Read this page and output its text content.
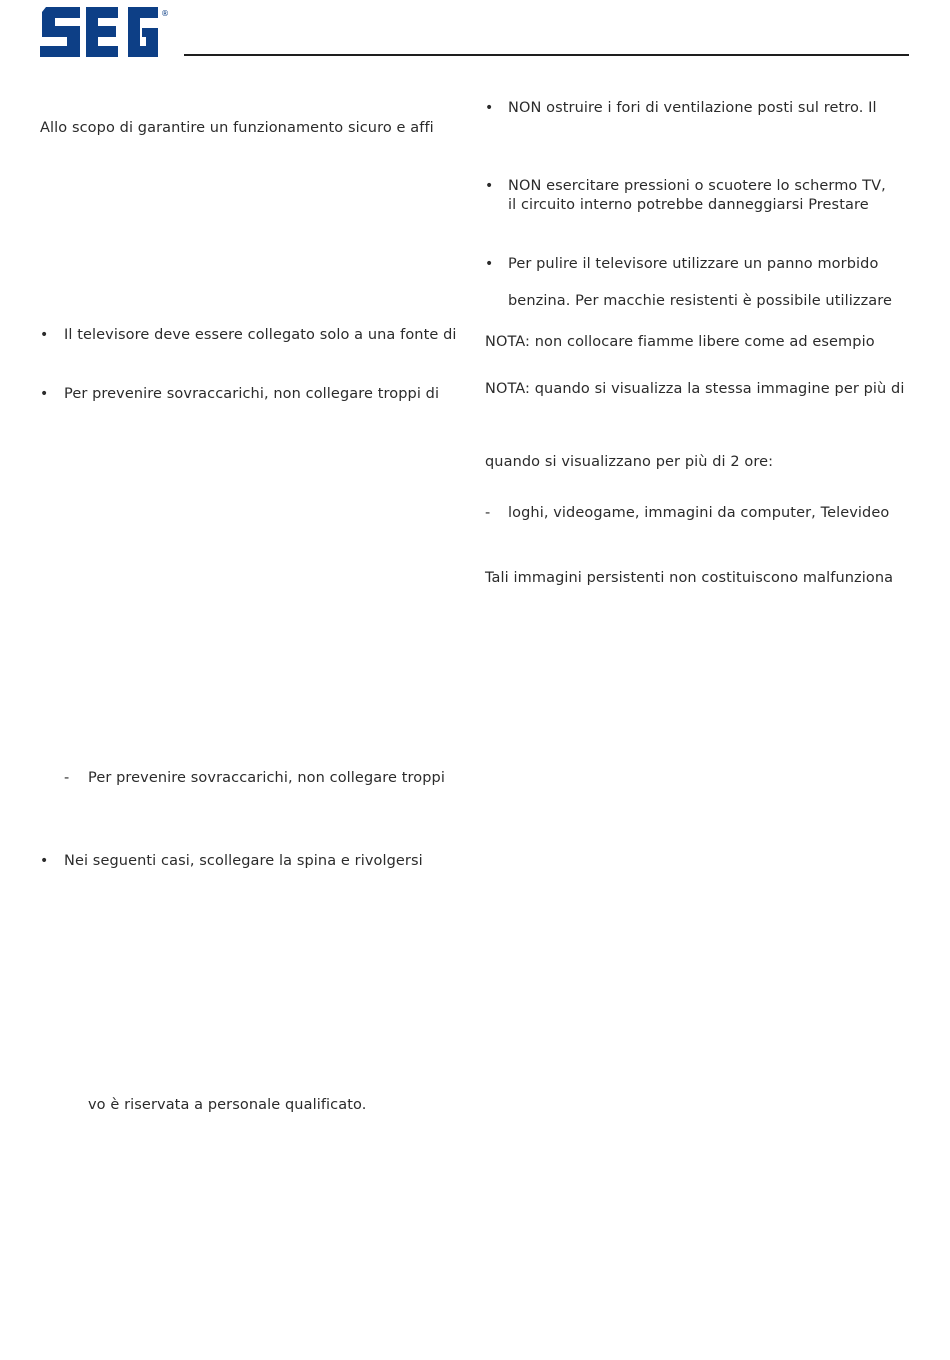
®
Allo scopo di garantire un funzionamento sicuro e affi
• Il televisore deve essere collegato solo a una fonte di
• Per prevenire sovraccarichi, non collegare troppi di
- Per prevenire sovraccarichi, non collegare troppi
• Nei seguenti casi, scollegare la spina e rivolgersi
vo è riservata a personale qualificato.
• NON ostruire i fori di ventilazione posti sul retro. Il
• NON esercitare pressioni o scuotere lo schermo TV,
il circuito interno potrebbe danneggiarsi Prestare
• Per pulire il televisore utilizzare un panno morbido
benzina. Per macchie resistenti è possibile utilizzare
NOTA: non collocare fiamme libere come ad esempio
NOTA: quando si visualizza la stessa immagine per più di
quando si visualizzano per più di 2 ore:
- loghi, videogame, immagini da computer, Televideo
Tali immagini persistenti non costituiscono malfunziona
